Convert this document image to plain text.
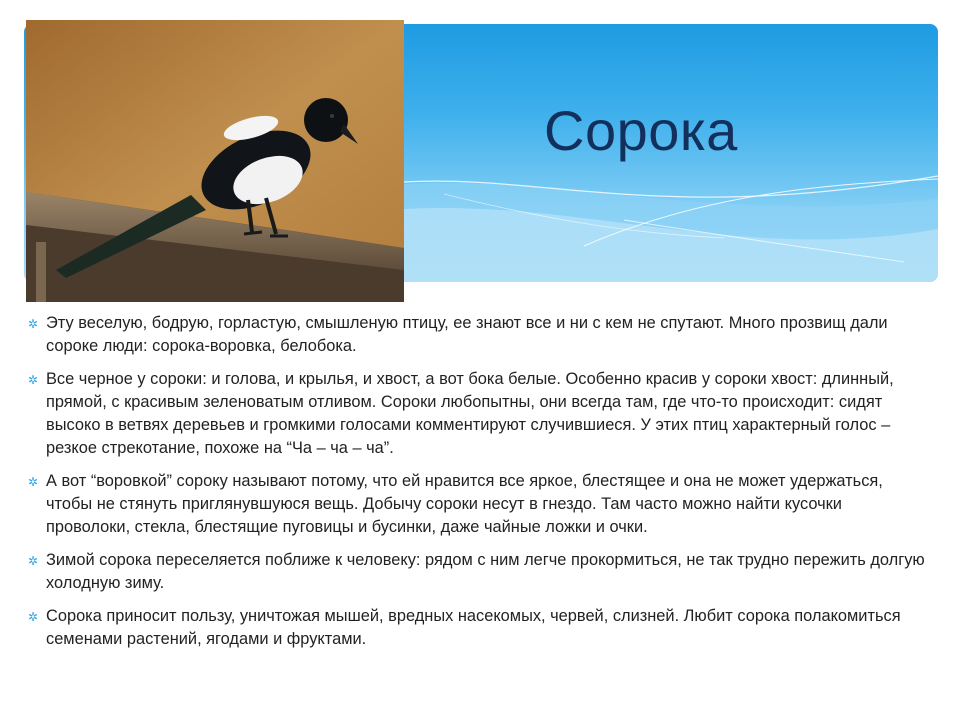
Сорока
✲ Эту веселую, бодрую, горластую, смышленую птицу, ее знают все и ни с кем не спутают. Много прозвищ дали сороке люди: сорока-воровка, белобока.
✲ Все черное у сороки: и голова, и крылья, и хвост, а вот бока белые. Особенно красив у сороки хвост: длинный, прямой, с красивым зеленоватым отливом. Сороки любопытны, они всегда там, где что-то происходит: сидят высоко в ветвях деревьев и громкими голосами комментируют случившиеся. У этих птиц характерный голос – резкое стрекотание, похоже на “Ча – ча – ча”.
✲ А вот “воровкой” сороку называют потому, что ей нравится все яркое, блестящее и она не может удержаться, чтобы не стянуть приглянувшуюся вещь. Добычу сороки несут в гнездо. Там часто можно найти кусочки проволоки, стекла, блестящие пуговицы и бусинки, даже чайные ложки и очки.
✲ Зимой сорока переселяется поближе к человеку: рядом с ним легче прокормиться, не так трудно пережить долгую холодную зиму.
✲ Сорока приносит пользу, уничтожая мышей, вредных насекомых, червей, слизней. Любит сорока полакомиться семенами растений, ягодами и фруктами.
